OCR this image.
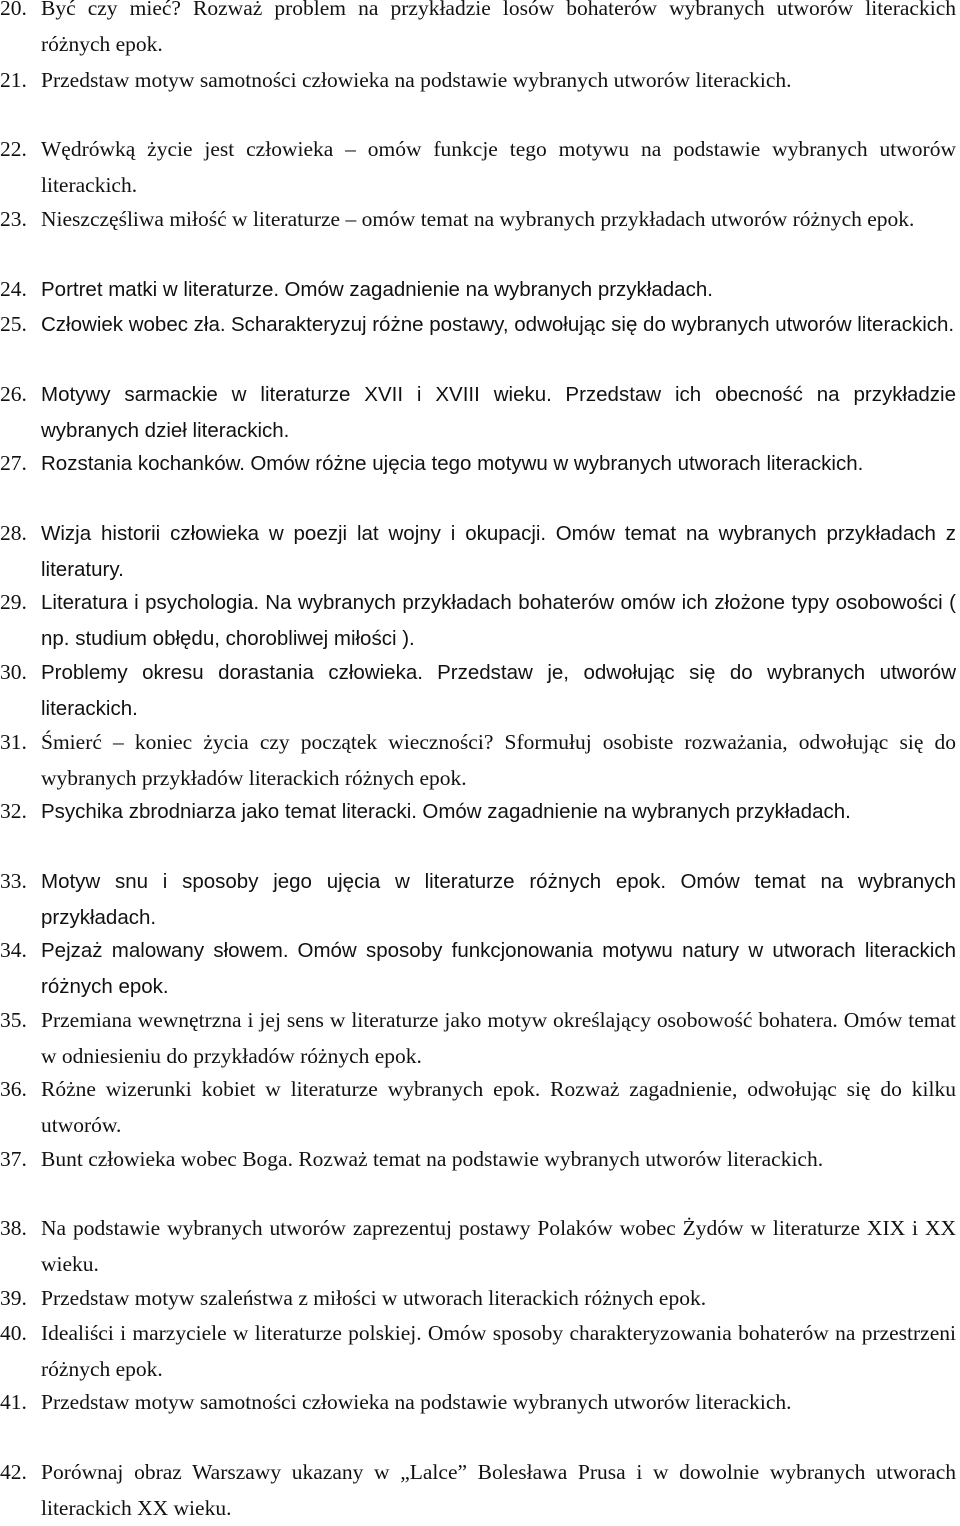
20. Być czy mieć? Rozważ problem na przykładzie losów bohaterów wybranych utworów literackich różnych epok.
21. Przedstaw motyw samotności człowieka na podstawie wybranych utworów literackich.
22. Wędrówką życie jest człowieka – omów funkcje tego motywu na podstawie wybranych utworów literackich.
23. Nieszczęśliwa miłość w literaturze – omów temat na wybranych przykładach utworów różnych epok.
24. Portret matki w literaturze. Omów zagadnienie na wybranych przykładach.
25. Człowiek wobec zła. Scharakteryzuj różne postawy, odwołując się do wybranych utworów literackich.
26. Motywy sarmackie w literaturze XVII i XVIII wieku. Przedstaw ich obecność na przykładzie wybranych dzieł literackich.
27. Rozstania kochanków. Omów różne ujęcia tego motywu w wybranych utworach literackich.
28. Wizja historii człowieka w poezji lat wojny i okupacji. Omów temat na wybranych przykładach z literatury.
29. Literatura i psychologia. Na wybranych przykładach bohaterów omów ich złożone typy osobowości ( np. studium obłędu, chorobliwej miłości ).
30. Problemy okresu dorastania człowieka. Przedstaw je, odwołując się do wybranych utworów literackich.
31. Śmierć – koniec życia czy początek wieczności? Sformułuj osobiste rozważania, odwołując się do wybranych przykładów literackich różnych epok.
32. Psychika zbrodniarza jako temat literacki. Omów zagadnienie na wybranych przykładach.
33. Motyw snu i sposoby jego ujęcia w literaturze różnych epok. Omów temat na wybranych przykładach.
34. Pejzaż malowany słowem. Omów sposoby funkcjonowania motywu natury w utworach literackich różnych epok.
35. Przemiana wewnętrzna i jej sens w literaturze jako motyw określający osobowość bohatera. Omów temat w odniesieniu do przykładów różnych epok.
36. Różne wizerunki kobiet w literaturze wybranych epok. Rozważ zagadnienie, odwołując się do kilku utworów.
37. Bunt człowieka wobec Boga. Rozważ temat na podstawie wybranych utworów literackich.
38. Na podstawie wybranych utworów zaprezentuj postawy Polaków wobec Żydów w literaturze XIX i XX wieku.
39. Przedstaw motyw szaleństwa z miłości w utworach literackich różnych epok.
40. Idealiści i marzyciele w literaturze polskiej. Omów sposoby charakteryzowania bohaterów na przestrzeni różnych epok.
41. Przedstaw motyw samotności człowieka na podstawie wybranych utworów literackich.
42. Porównaj obraz Warszawy ukazany w „Lalce” Bolesława Prusa i w dowolnie wybranych utworach literackich XX wieku.
